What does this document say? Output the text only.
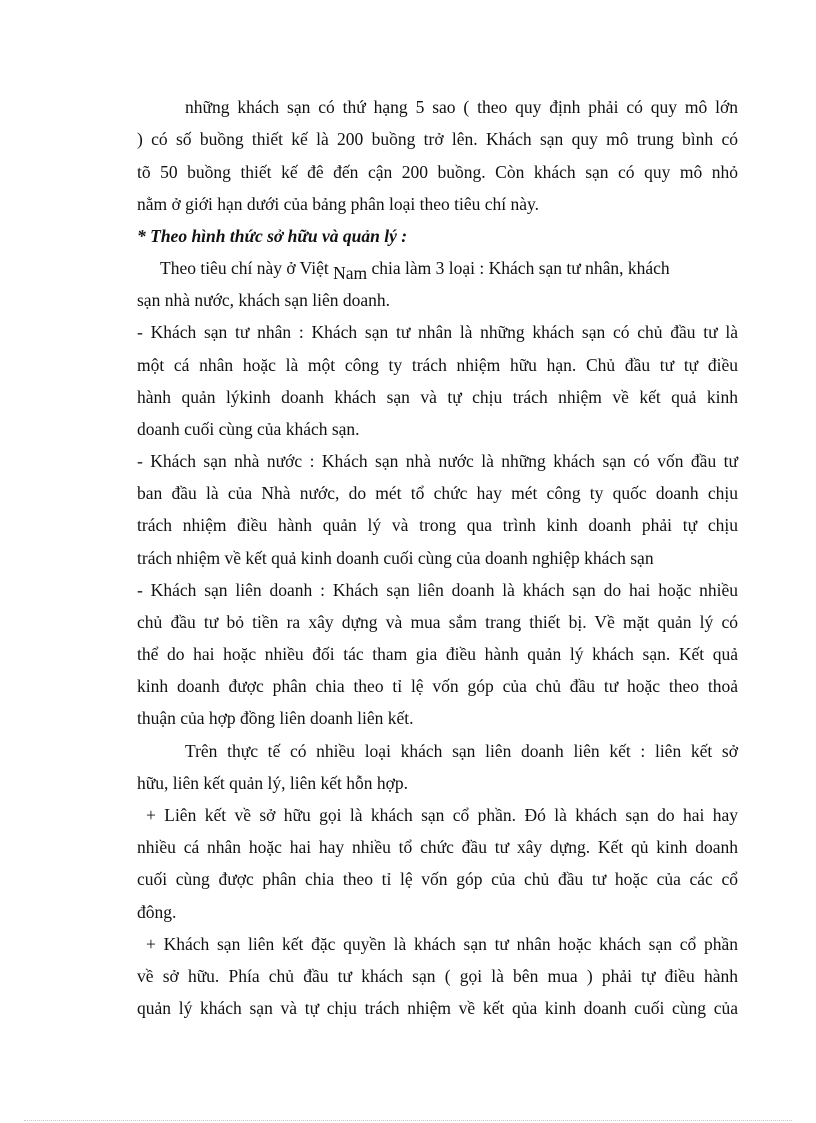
những khách sạn có thứ hạng 5 sao ( theo quy định phải có quy mô lớn
) có số buồng thiết kế là 200 buồng trở lên. Khách sạn quy mô trung bình có
tõ 50 buồng thiết kế đê đến cận 200 buồng. Còn khách sạn có quy mô nhỏ
nằm ở giới hạn dưới của bảng phân loại theo tiêu chí này.
* Theo hình thức sở hữu và quản lý :
Theo tiêu chí này ở Việt Nam chia làm 3 loại : Khách sạn tư nhân, khách
sạn nhà nước, khách sạn liên doanh.
- Khách sạn tư nhân : Khách sạn tư nhân là những khách sạn có chủ đầu tư là
một cá nhân hoặc là một công ty trách nhiệm hữu hạn. Chủ đầu tư tự điều
hành quản lýkinh doanh khách sạn và tự chịu trách nhiệm về kết quả kinh
doanh cuối cùng của khách sạn.
- Khách sạn nhà nước : Khách sạn nhà nước là những khách sạn có vốn đầu tư
ban đầu là của Nhà nước, do mét tổ chức hay mét công ty quốc doanh chịu
trách nhiệm điều hành quản lý và trong qua trình kinh doanh phải tự chịu
trách nhiệm về kết quả kinh doanh cuối cùng của doanh nghiệp khách sạn
- Khách sạn liên doanh : Khách sạn liên doanh là khách sạn do hai hoặc nhiều
chủ đầu tư bỏ tiền ra xây dựng và mua sắm trang thiết bị. Về mặt quản lý có
thể do hai hoặc nhiều đối tác tham gia điều hành quản lý khách sạn. Kết quả
kinh doanh được phân chia theo tỉ lệ vốn góp của chủ đầu tư hoặc theo thoả
thuận của hợp đồng liên doanh liên kết.
Trên thực tế có nhiều loại khách sạn liên doanh liên kết : liên kết sở
hữu, liên kết quản lý, liên kết hỗn hợp.
+ Liên kết về sở hữu gọi là khách sạn cổ phần. Đó là khách sạn do hai hay
nhiều cá nhân hoặc hai hay nhiều tổ chức đầu tư xây dựng. Kết qủ kinh doanh
cuối cùng được phân chia theo tỉ lệ vốn góp của chủ đầu tư hoặc của các cổ
đông.
+ Khách sạn liên kết đặc quyền là khách sạn tư nhân hoặc khách sạn cổ phần
về sở hữu. Phía chủ đầu tư khách sạn ( gọi là bên mua ) phải tự điều hành
quản lý khách sạn và tự chịu trách nhiệm về kết qủa kinh doanh cuối cùng của
